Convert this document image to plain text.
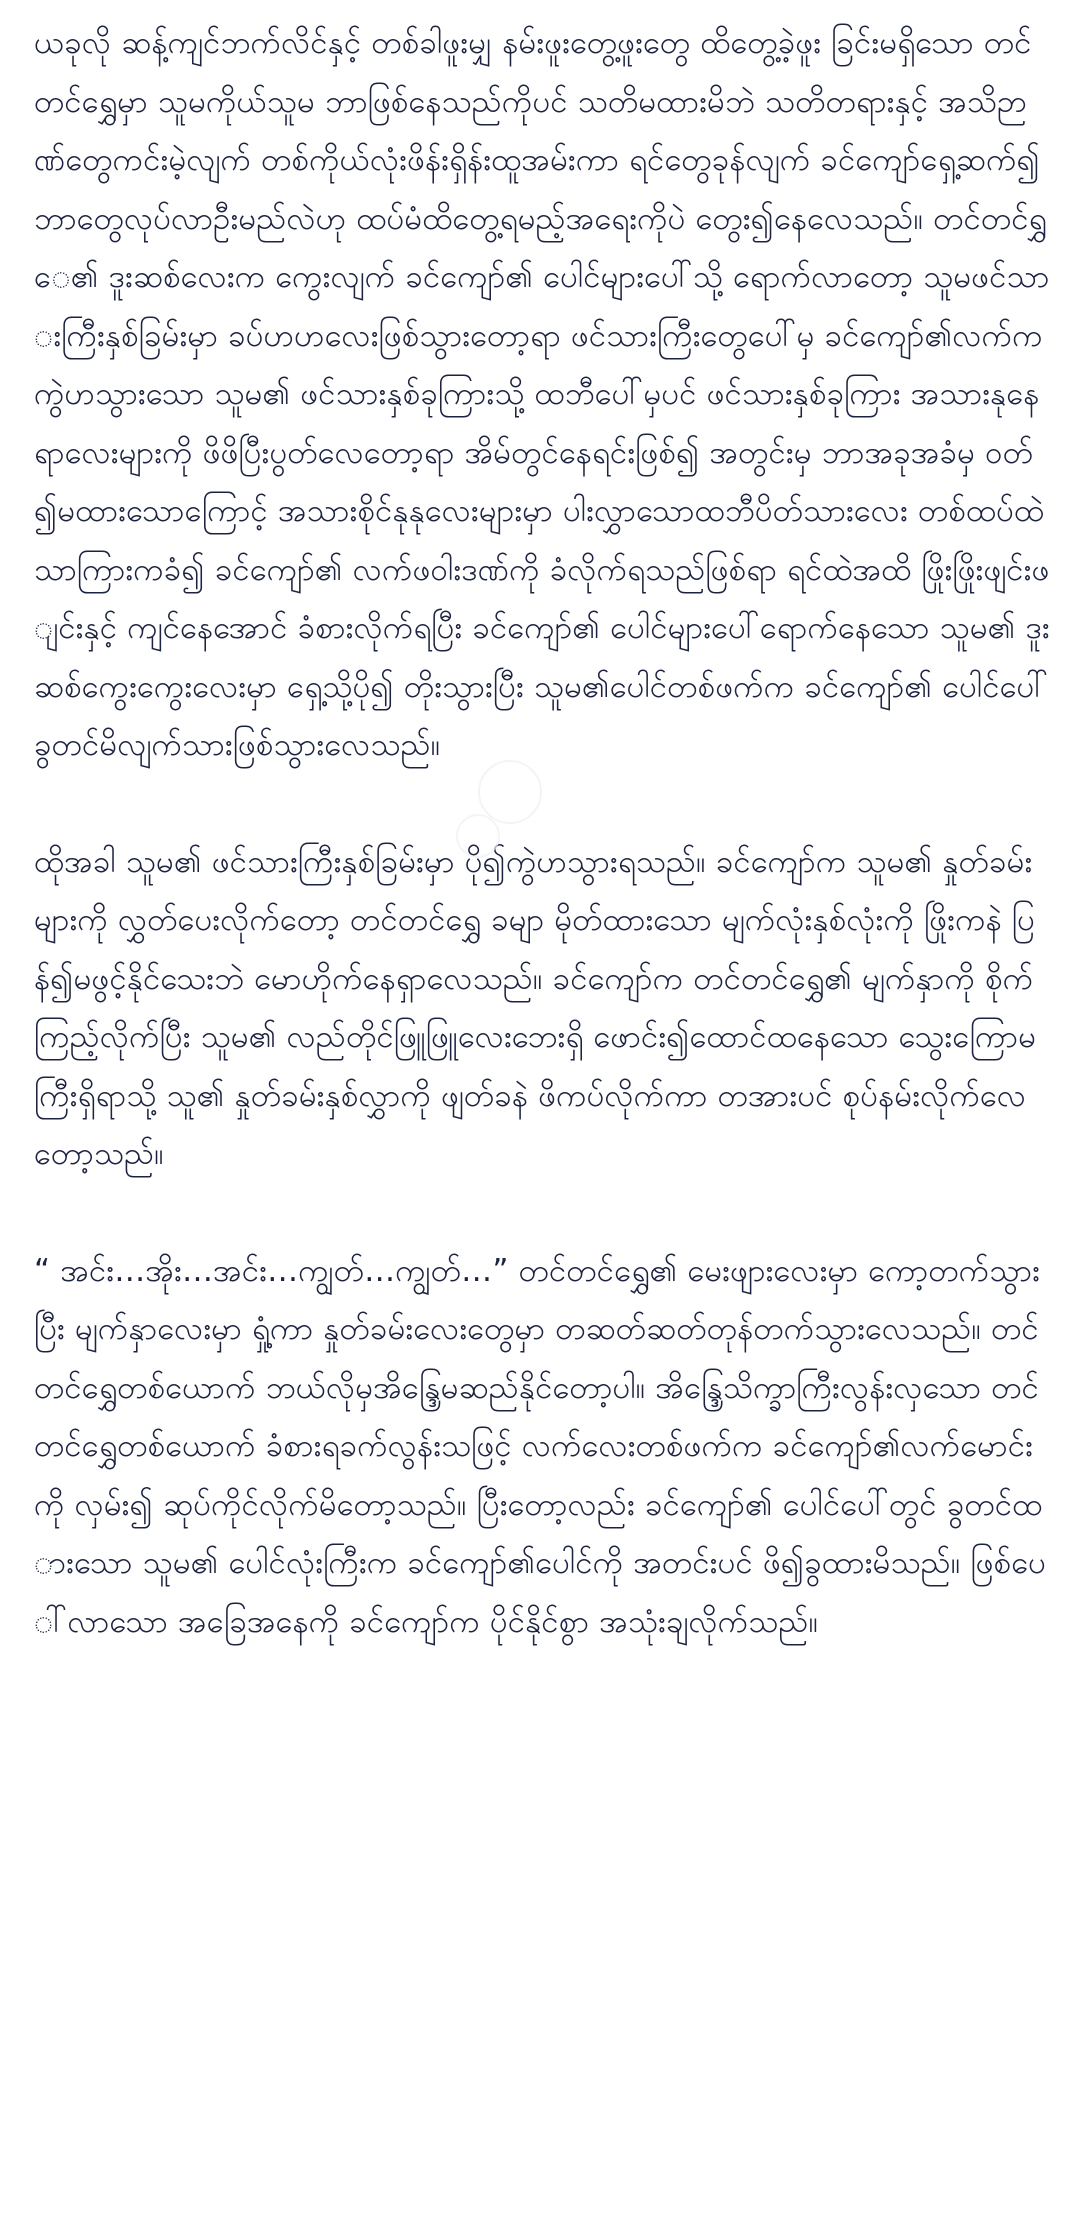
ယခုလို ဆန့်ကျင်ဘက်လိင်နှင့် တစ်ခါဖူးမျှ နမ်းဖူးတွေ့ဖူးတွေ ထိတွေ့ခဲ့ဖူး ခြင်းမရှိသော တင်တင်ရွှေမှာ သူမကိုယ်သူမ ဘာဖြစ်နေသည်ကိုပင် သတိမထားမိဘဲ သတိတရားနှင့် အသိဉာဏ်တွေကင်းမဲ့လျက် တစ်ကိုယ်လုံးဖိန်းရှိန်းထူအမ်းကာ ရင်တွေခုန်လျက် ခင်ကျော်ရှေ့ဆက်၍ ဘာတွေလုပ်လာဦးမည်လဲဟု ထပ်မံထိတွေ့ရမည့်အရေးကိုပဲ တွေး၍နေလေသည်။ တင်တင်ရွှေ၏ ဒူးဆစ်လေးက ကွေးလျက် ခင်ကျော်၏ ပေါင်များပေါ်သို့ ရောက်လာတော့ သူမဖင်သားကြီးနှစ်ခြမ်းမှာ ခပ်ဟဟလေးဖြစ်သွားတော့ရာ ဖင်သားကြီးတွေပေါ်မှ ခင်ကျော်၏လက်က ကွဲဟသွားသော သူမ၏ ဖင်သားနှစ်ခုကြားသို့ ထဘီပေါ်မှပင် ဖင်သားနှစ်ခုကြား အသားနုနေရာလေးများကို ဖိဖိပြီးပွတ်လေတော့ရာ အိမ်တွင်နေရင်းဖြစ်၍ အတွင်းမှ ဘာအခုအခံမှ ဝတ်၍မထားသောကြောင့် အသားစိုင်နုနုလေးများမှာ ပါးလွှာသောထဘီပိတ်သားလေး တစ်ထပ်ထဲသာကြားကခံ၍ ခင်ကျော်၏ လက်ဖဝါးဒဏ်ကို ခံလိုက်ရသည်ဖြစ်ရာ ရင်ထဲအထိ ဖြိုးဖြိုးဖျင်းဖျင်းနှင့် ကျင်နေအောင် ခံစားလိုက်ရပြီး ခင်ကျော်၏ ပေါင်များပေါ်ရောက်နေသော သူမ၏ ဒူးဆစ်ကွေးကွေးလေးမှာ ရှေ့သို့ပို၍ တိုးသွားပြီး သူမ၏ပေါင်တစ်ဖက်က ခင်ကျော်၏ ပေါင်ပေါ်ခွတင်မိလျက်သားဖြစ်သွားလေသည်။

ထိုအခါ သူမ၏ ဖင်သားကြီးနှစ်ခြမ်းမှာ ပို၍ကွဲဟသွားရသည်။ ခင်ကျော်က သူမ၏ နှုတ်ခမ်းများကို လွှတ်ပေးလိုက်တော့ တင်တင်ရွှေ ခမျာ မိုတ်ထားသော မျက်လုံးနှစ်လုံးကို ဖြိုးကနဲ ပြန်၍မဖွင့်နိုင်သေးဘဲ မောဟိုက်နေရှာလေသည်။ ခင်ကျော်က တင်တင်ရွှေ၏ မျက်နှာကို စိုက်ကြည့်လိုက်ပြီး သူမ၏ လည်တိုင်ဖြူဖြူလေးဘေးရှိ ဖောင်း၍ထောင်ထနေသော သွေးကြောမကြီးရှိရာသို့ သူ၏ နှုတ်ခမ်းနှစ်လွှာကို ဖျတ်ခနဲ ဖိကပ်လိုက်ကာ တအားပင် စုပ်နမ်းလိုက်လေတော့သည်။

“ အင်း…အိုး…အင်း…ကျွတ်…ကျွတ်…” တင်တင်ရွှေ၏ မေးဖျားလေးမှာ ကော့တက်သွားပြီး မျက်နှာလေးမှာ ရှုံ့ကာ နှုတ်ခမ်းလေးတွေမှာ တဆတ်ဆတ်တုန်တက်သွားလေသည်။ တင်တင်ရွှေတစ်ယောက် ဘယ်လိုမှအိန္ဒြေမဆည်နိုင်တော့ပါ။ အိန္ဒြေသိက္ခာကြီးလွန်းလှသော တင်တင်ရွှေတစ်ယောက် ခံစားရခက်လွန်းသဖြင့် လက်လေးတစ်ဖက်က ခင်ကျော်၏လက်မောင်းကို လှမ်း၍ ဆုပ်ကိုင်လိုက်မိတော့သည်။ ပြီးတော့လည်း ခင်ကျော်၏ ပေါင်ပေါ်တွင် ခွတင်ထားသော သူမ၏ ပေါင်လုံးကြီးက ခင်ကျော်၏ပေါင်ကို အတင်းပင် ဖိ၍ခွထားမိသည်။ ဖြစ်ပေါ်လာသော အခြေအနေကို ခင်ကျော်က ပိုင်နိုင်စွာ အသုံးချလိုက်သည်။
